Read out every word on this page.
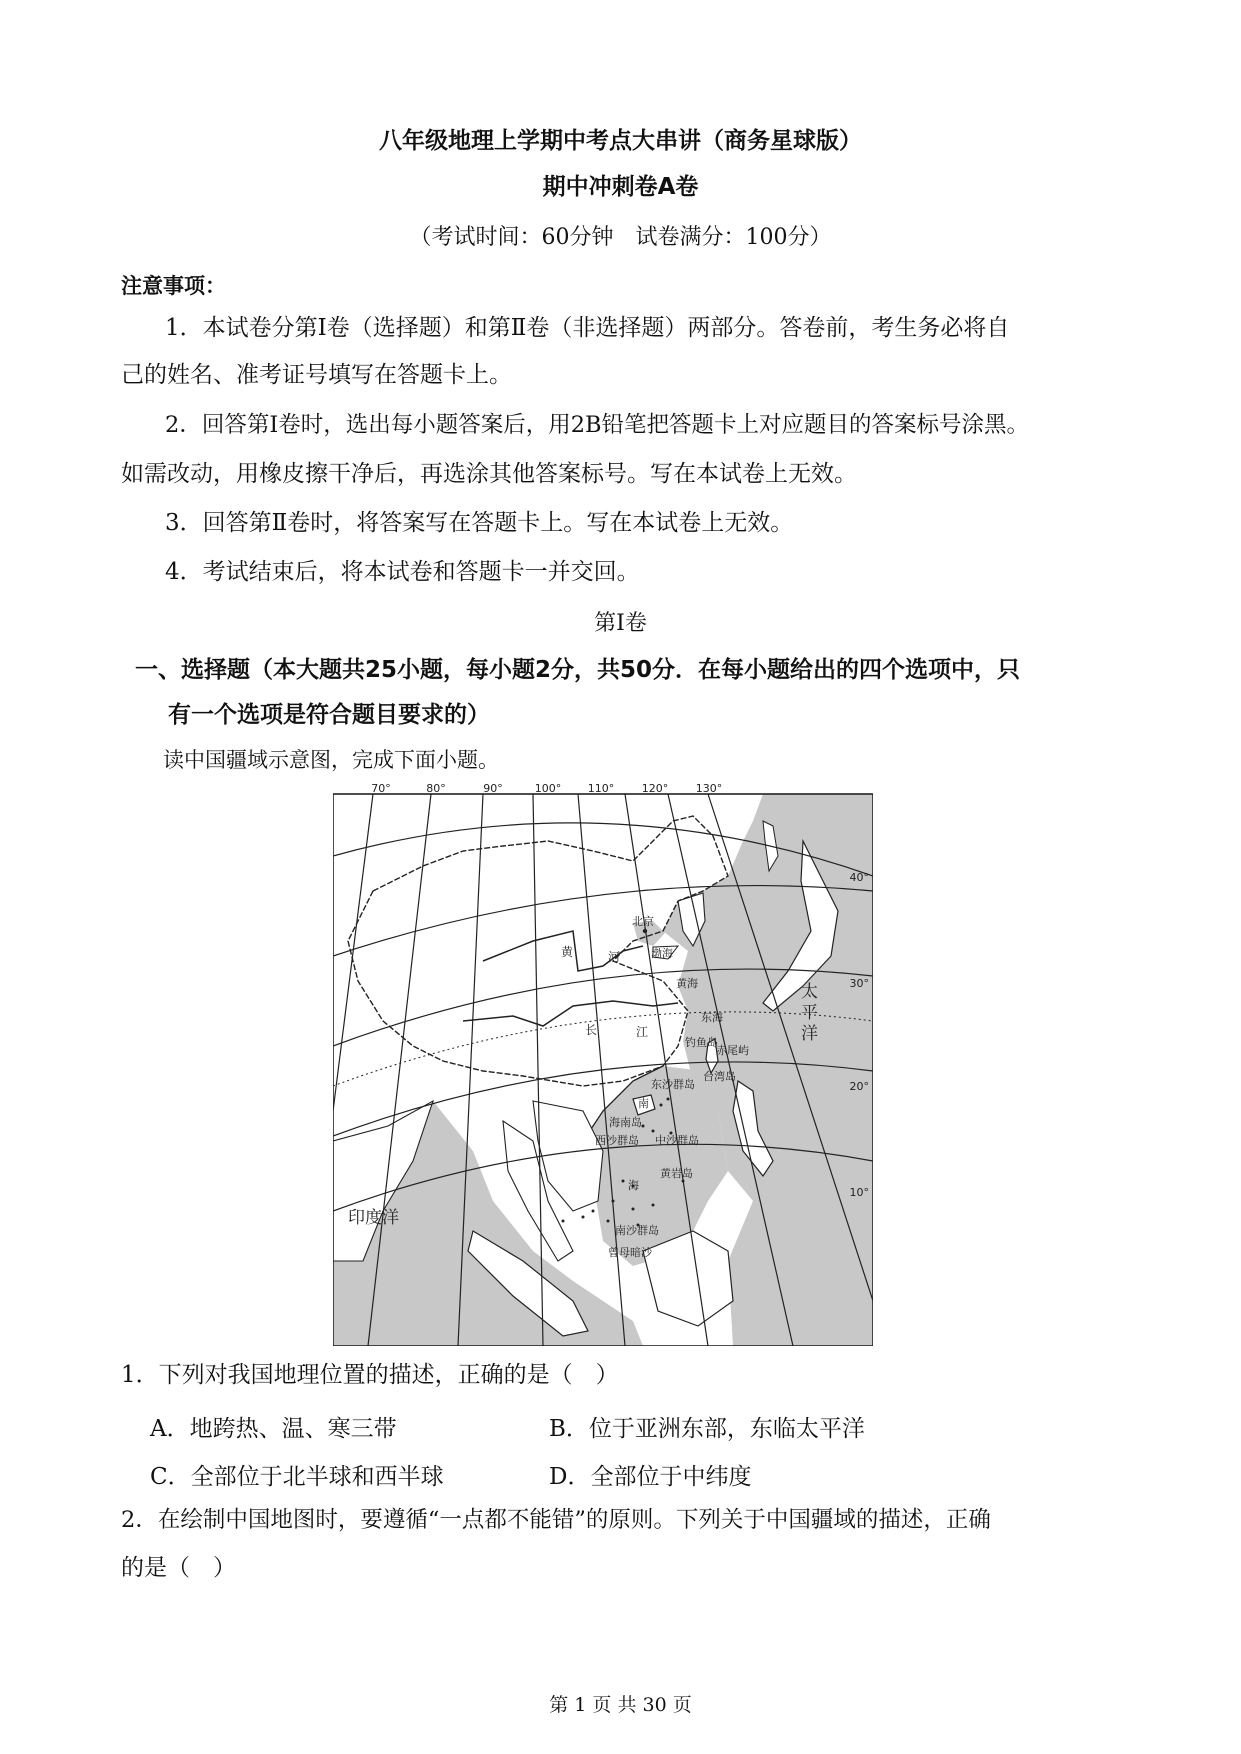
八年级地理上学期中考点大串讲（商务星球版）
期中冲刺卷A卷
（考试时间：60分钟　试卷满分：100分）
注意事项：
1．本试卷分第Ⅰ卷（选择题）和第Ⅱ卷（非选择题）两部分。答卷前，考生务必将自
己的姓名、准考证号填写在答题卡上。
2．回答第Ⅰ卷时，选出每小题答案后，用2B铅笔把答题卡上对应题目的答案标号涂黑。
如需改动，用橡皮擦干净后，再选涂其他答案标号。写在本试卷上无效。
3．回答第Ⅱ卷时，将答案写在答题卡上。写在本试卷上无效。
4．考试结束后，将本试卷和答题卡一并交回。
第Ⅰ卷
一、选择题（本大题共25小题，每小题2分，共50分．在每小题给出的四个选项中，只
有一个选项是符合题目要求的）
读中国疆域示意图，完成下面小题。
70°	80°	90°	100° 110°	120°	130°
40°
30°
20°
10°
北京
黄	河	渤海
黄海
长	江
东海
钓鱼岛
赤尾屿
台湾岛
东沙群岛
南
海南岛
西沙群岛 中沙群岛
黄岩岛
海
南沙群岛
曾母暗沙
印度洋
太
平
洋
1．下列对我国地理位置的描述，正确的是（　）
A．地跨热、温、寒三带	B．位于亚洲东部，东临太平洋
C．全部位于北半球和西半球	D．全部位于中纬度
2．在绘制中国地图时，要遵循“一点都不能错”的原则。下列关于中国疆域的描述，正确
的是（　）
第 1 页 共 30 页
